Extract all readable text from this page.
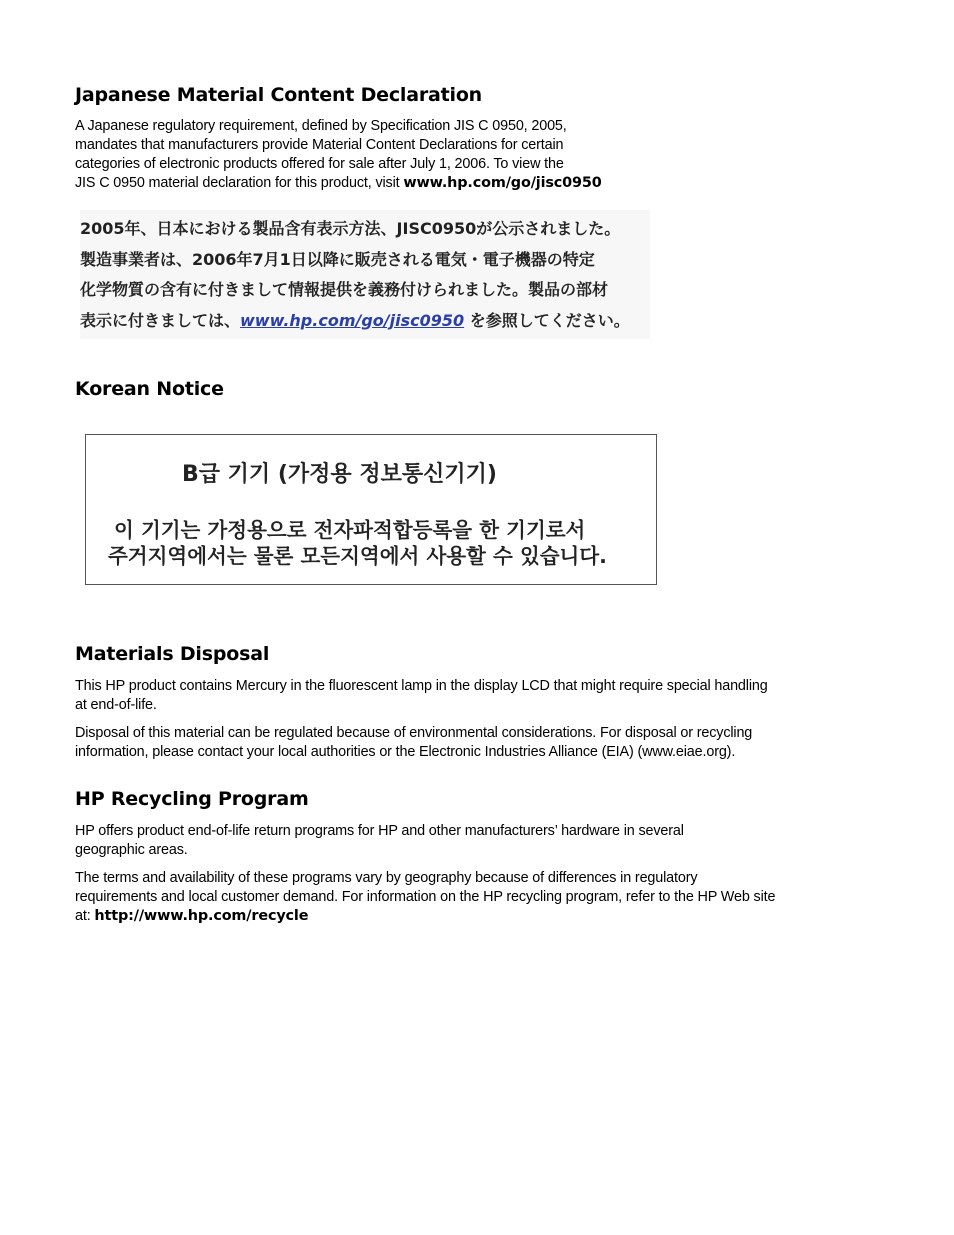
Japanese Material Content Declaration

A Japanese regulatory requirement, defined by Specification JIS C 0950, 2005,
mandates that manufacturers provide Material Content Declarations for certain
categories of electronic products offered for sale after July 1, 2006. To view the
JIS C 0950 material declaration for this product, visit www.hp.com/go/jisc0950

2005年、日本における製品含有表示方法、JISC0950が公示されました。
製造事業者は、2006年7月1日以降に販売される電気・電子機器の特定
化学物質の含有に付きまして情報提供を義務付けられました。製品の部材
表示に付きましては、www.hp.com/go/jisc0950 を参照してください。
Korean Notice
B급 기기 (가정용 정보통신기기)
이 기기는 가정용으로 전자파적합등록을 한 기기로서
주거지역에서는 물론 모든지역에서 사용할 수 있습니다.
Materials Disposal

This HP product contains Mercury in the fluorescent lamp in the display LCD that might require special handling
at end-of-life.

Disposal of this material can be regulated because of environmental considerations. For disposal or recycling
information, please contact your local authorities or the Electronic Industries Alliance (EIA) (www.eiae.org).

HP Recycling Program

HP offers product end-of-life return programs for HP and other manufacturers’ hardware in several
geographic areas.

The terms and availability of these programs vary by geography because of differences in regulatory
requirements and local customer demand. For information on the HP recycling program, refer to the HP Web site
at: http://www.hp.com/recycle
